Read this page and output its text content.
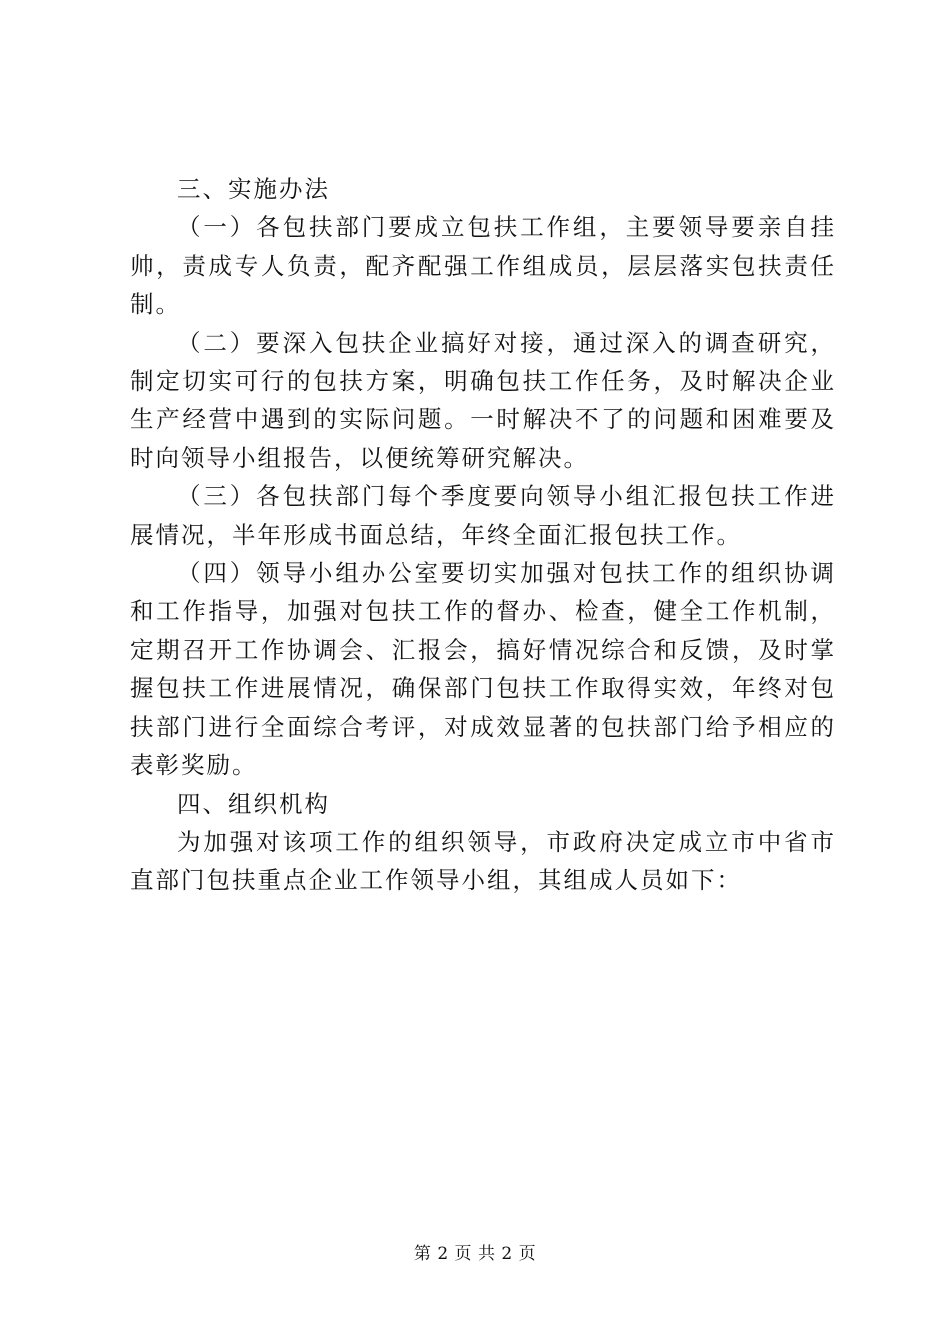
三、实施办法

（一）各包扶部门要成立包扶工作组，主要领导要亲自挂帅，责成专人负责，配齐配强工作组成员，层层落实包扶责任制。

（二）要深入包扶企业搞好对接，通过深入的调查研究，制定切实可行的包扶方案，明确包扶工作任务，及时解决企业生产经营中遇到的实际问题。一时解决不了的问题和困难要及时向领导小组报告，以便统筹研究解决。

（三）各包扶部门每个季度要向领导小组汇报包扶工作进展情况，半年形成书面总结，年终全面汇报包扶工作。

（四）领导小组办公室要切实加强对包扶工作的组织协调和工作指导，加强对包扶工作的督办、检查，健全工作机制，定期召开工作协调会、汇报会，搞好情况综合和反馈，及时掌握包扶工作进展情况，确保部门包扶工作取得实效，年终对包扶部门进行全面综合考评，对成效显著的包扶部门给予相应的表彰奖励。

四、组织机构

为加强对该项工作的组织领导，市政府决定成立市中省市直部门包扶重点企业工作领导小组，其组成人员如下：

第 2 页 共 2 页
